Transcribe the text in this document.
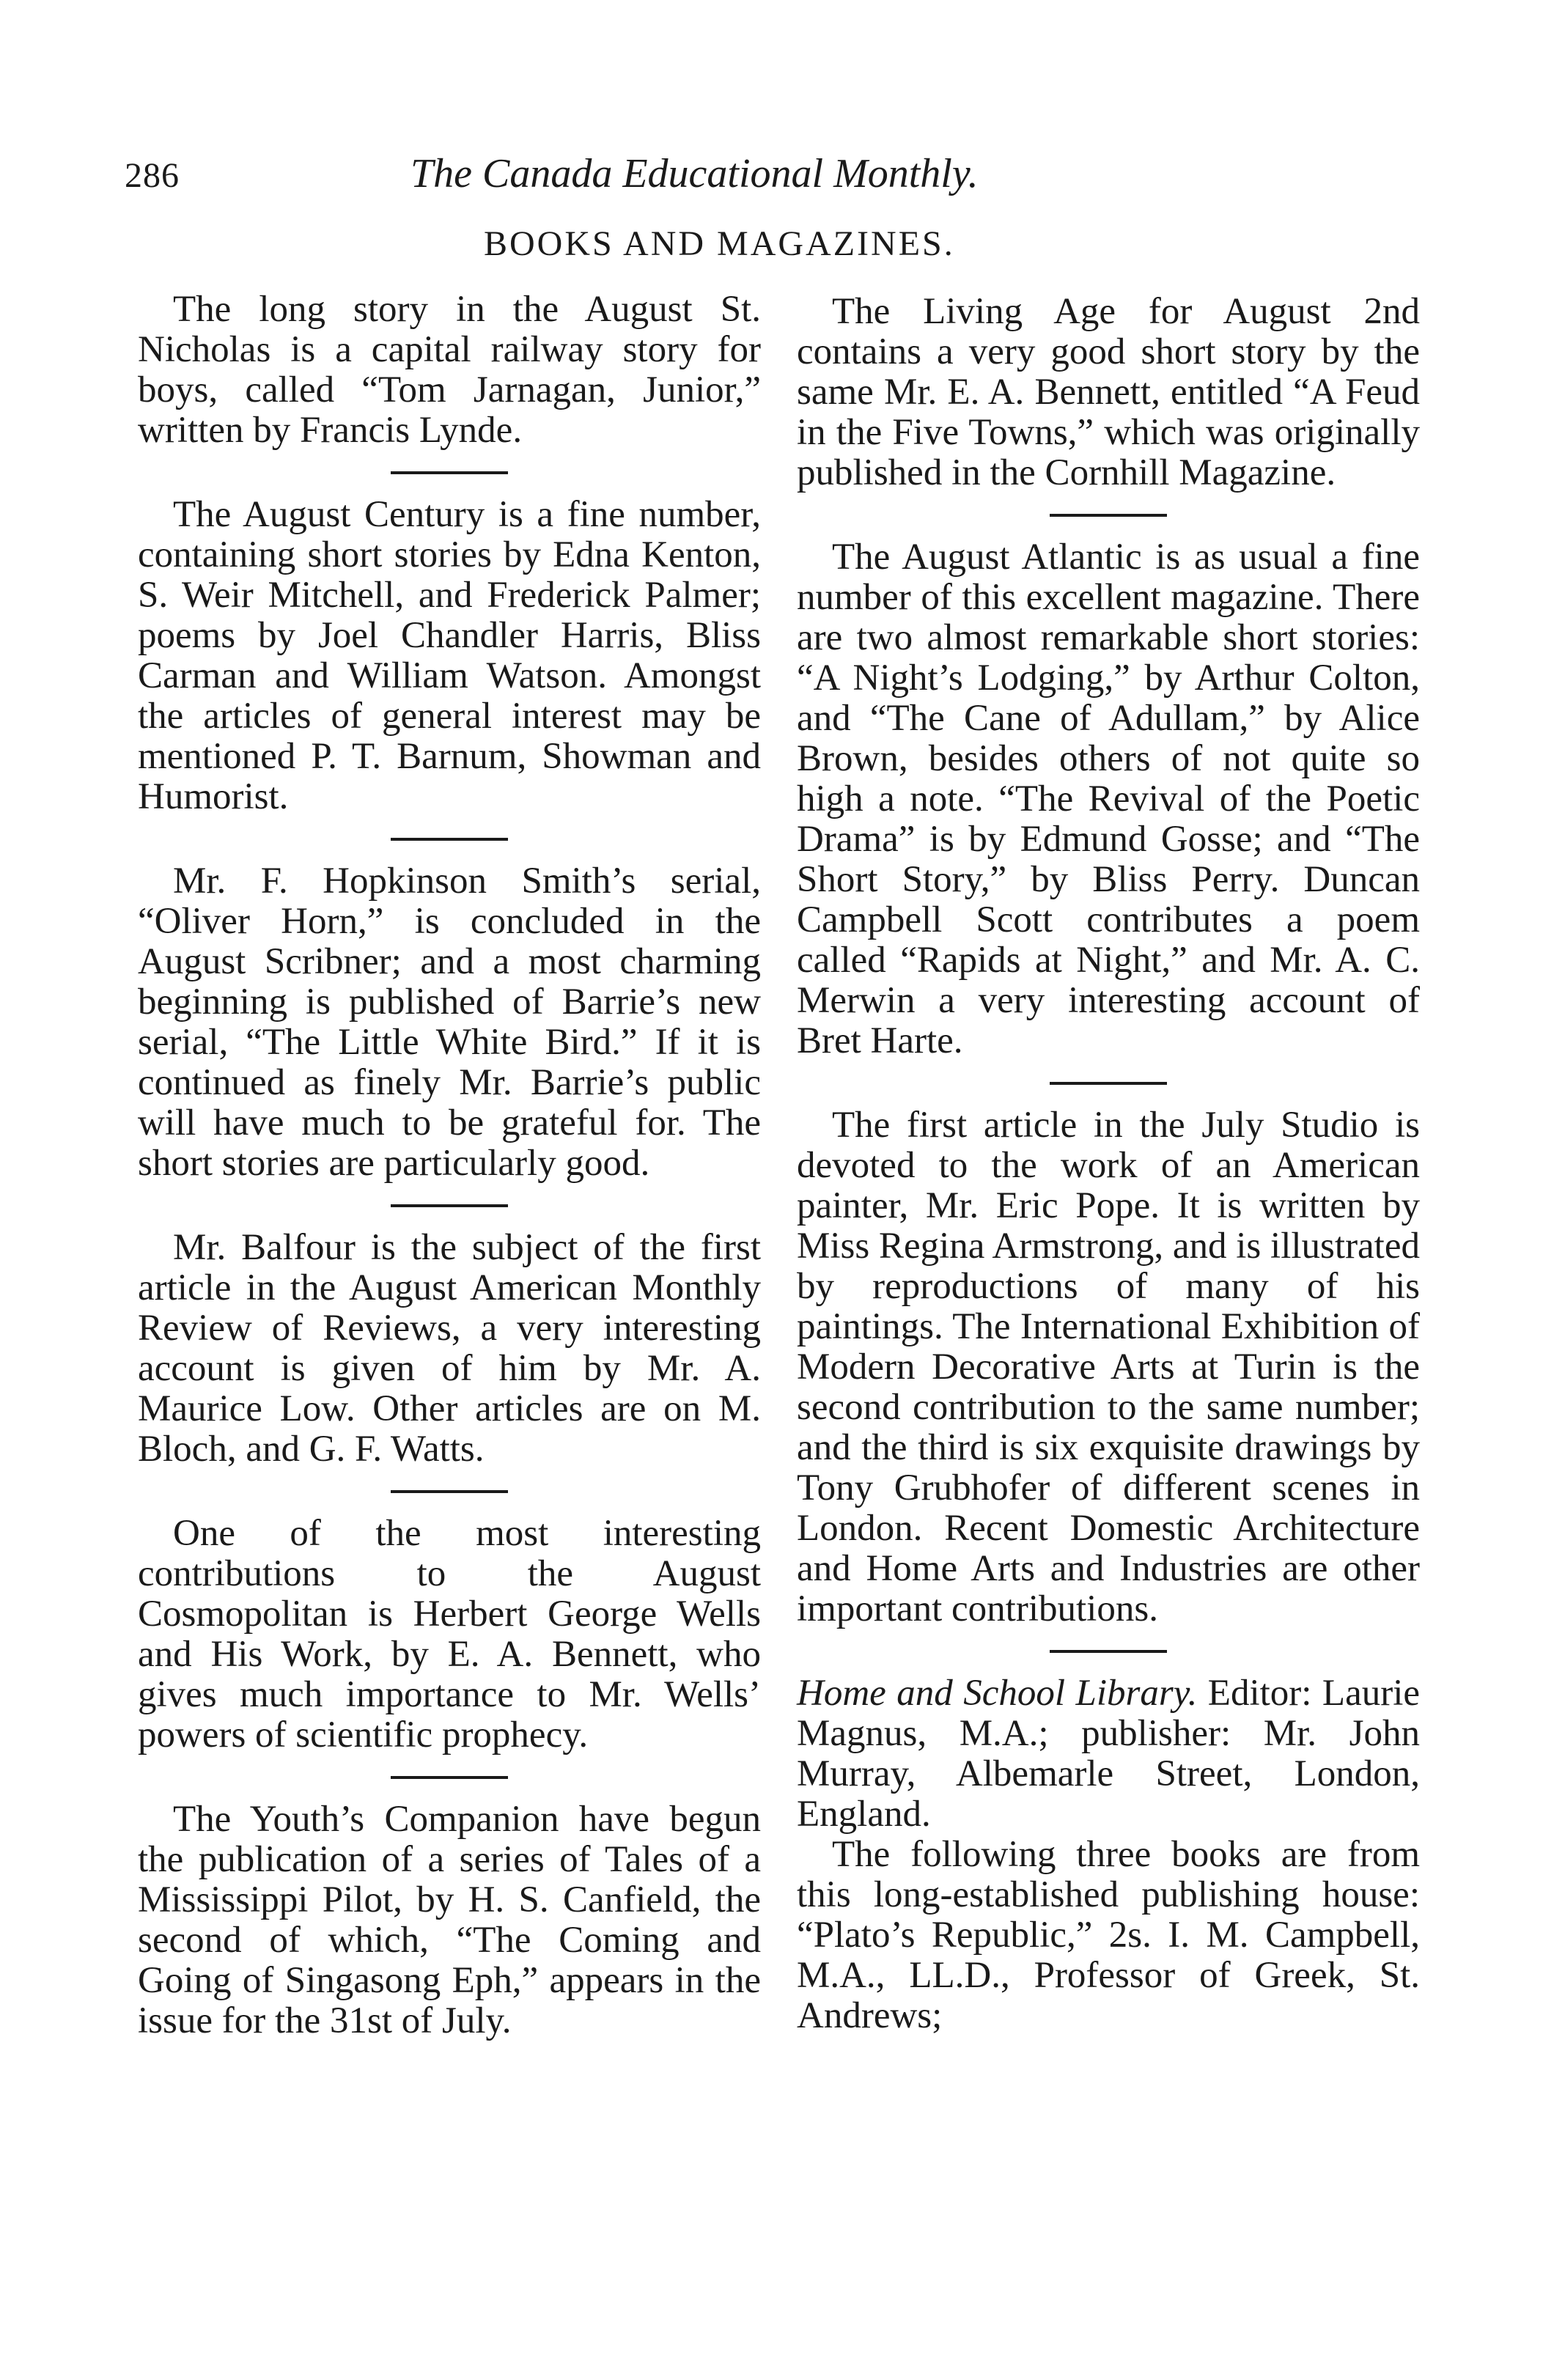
286	The Canada Educational Monthly.
BOOKS AND MAGAZINES.

The long story in the August St. Nicholas is a capital railway story for boys, called “Tom Jarnagan, Junior,” written by Francis Lynde.

The August Century is a fine number, containing short stories by Edna Kenton, S. Weir Mitchell, and Frederick Palmer; poems by Joel Chandler Harris, Bliss Carman and William Watson. Amongst the articles of general interest may be mentioned P. T. Barnum, Showman and Humorist.

Mr. F. Hopkinson Smith’s serial, “Oliver Horn,” is concluded in the August Scribner; and a most charming beginning is published of Barrie’s new serial, “The Little White Bird.” If it is continued as finely Mr. Barrie’s public will have much to be grateful for. The short stories are particularly good.

Mr. Balfour is the subject of the first article in the August American Monthly Review of Reviews, a very interesting account is given of him by Mr. A. Maurice Low. Other articles are on M. Bloch, and G. F. Watts.

One of the most interesting contributions to the August Cosmopolitan is Herbert George Wells and His Work, by E. A. Bennett, who gives much importance to Mr. Wells’ powers of scientific prophecy.

The Youth’s Companion have begun the publication of a series of Tales of a Mississippi Pilot, by H. S. Canfield, the second of which, “The Coming and Going of Singasong Eph,” appears in the issue for the 31st of July.

The Living Age for August 2nd contains a very good short story by the same Mr. E. A. Bennett, entitled “A Feud in the Five Towns,” which was originally published in the Cornhill Magazine.

The August Atlantic is as usual a fine number of this excellent magazine. There are two almost remarkable short stories: “A Night’s Lodging,” by Arthur Colton, and “The Cane of Adullam,” by Alice Brown, besides others of not quite so high a note. “The Revival of the Poetic Drama” is by Edmund Gosse; and “The Short Story,” by Bliss Perry. Duncan Campbell Scott contributes a poem called “Rapids at Night,” and Mr. A. C. Merwin a very interesting account of Bret Harte.

The first article in the July Studio is devoted to the work of an American painter, Mr. Eric Pope. It is written by Miss Regina Armstrong, and is illustrated by reproductions of many of his paintings. The International Exhibition of Modern Decorative Arts at Turin is the second contribution to the same number; and the third is six exquisite drawings by Tony Grubhofer of different scenes in London. Recent Domestic Architecture and Home Arts and Industries are other important contributions.

Home and School Library. Editor: Laurie Magnus, M.A.; publisher: Mr. John Murray, Albemarle Street, London, England.

The following three books are from this long-established publishing house: “Plato’s Republic,” 2s. I. M. Campbell, M.A., LL.D., Professor of Greek, St. Andrews;
